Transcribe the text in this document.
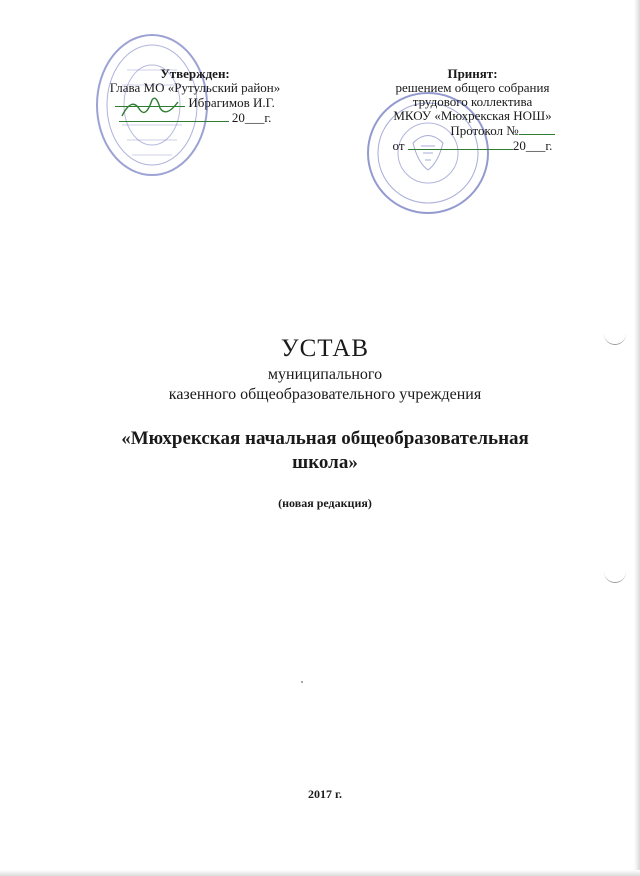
Утвержден:
Глава МО «Рутульский район»
Ибрагимов И.Г.
20___г.
Принят:
решением общего собрания
трудового коллектива
МКОУ «Мюхрекская НОШ»
Протокол №
от	20___г.
УСТАВ
муниципального
казенного общеобразовательного учреждения
«Мюхрекская начальная общеобразовательная
школа»
(новая редакция)
2017 г.
